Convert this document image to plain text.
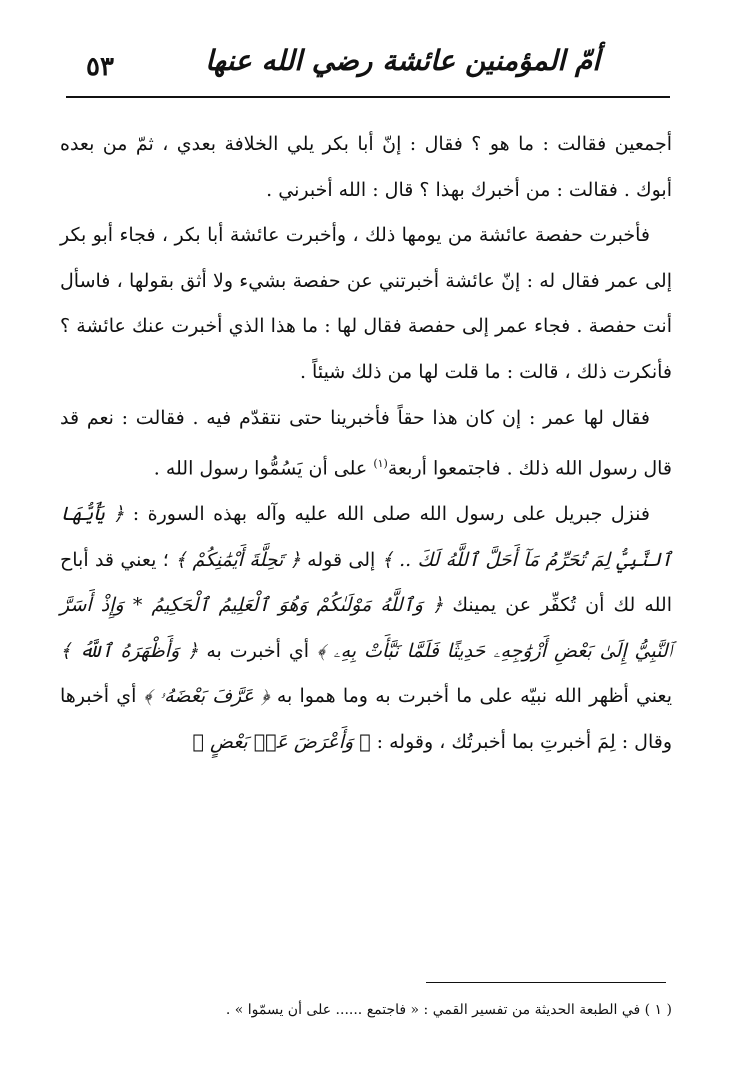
٥٣	أمّ المؤمنين عائشة رضي الله عنها

أجمعين فقالت : ما هو ؟ فقال : إنّ أبا بكر يلي الخلافة بعدي ، ثمّ من بعده أبوك . فقالت : من أخبرك بهذا ؟ قال : الله أخبرني .

فأخبرت حفصة عائشة من يومها ذلك ، وأخبرت عائشة أبا بكر ، فجاء أبو بكر إلى عمر فقال له : إنّ عائشة أخبرتني عن حفصة بشيء ولا أثق بقولها ، فاسأل أنت حفصة . فجاء عمر إلى حفصة فقال لها : ما هذا الذي أخبرت عنك عائشة ؟ فأنكرت ذلك ، قالت : ما قلت لها من ذلك شيئاً .

فقال لها عمر : إن كان هذا حقاً فأخبرينا حتى نتقدّم فيه . فقالت : نعم قد قال رسول الله ذلك . فاجتمعوا أربعة$^{(١)}$ على أن يَسُمُّوا رسول الله .

فنزل جبريل على رسول الله صلى الله عليه وآله بهذه السورة : ﴿ يَٰأَيُّهَا ٱلنَّبِيُّ لِمَ تُحَرِّمُ مَآ أَحَلَّ ٱللَّهُ لَكَ .. ﴾ إلى قوله ﴿ تَحِلَّةَ أَيْمَٰنِكُمْ ﴾ ؛ يعني قد أباح الله لك أن تُكفِّر عن يمينك ﴿ وَٱللَّهُ مَوْلَىٰكُمْ وَهُوَ ٱلْعَلِيمُ ٱلْحَكِيمُ * وَإِذْ أَسَرَّ ٱلنَّبِيُّ إِلَىٰ بَعْضِ أَزْوَٰجِهِۦ حَدِيثًا فَلَمَّا نَبَّأَتْ بِهِۦ ﴾ أي أخبرت به ﴿ وَأَظْهَرَهُ ٱللَّهُ ﴾ يعني أظهر الله نبيّه على ما أخبرت به وما هموا به ﴿ عَرَّفَ بَعْضَهُۥ ﴾ أي أخبرها وقال : لِمَ أخبرتِ بما أخبرتُك ، وقوله : ﴿ وَأَعْرَضَ عَنۢ بَعْضٍ ﴾

( ١ ) في الطبعة الحديثة من تفسير القمي : « فاجتمع ...... على أن يسمّوا » .
